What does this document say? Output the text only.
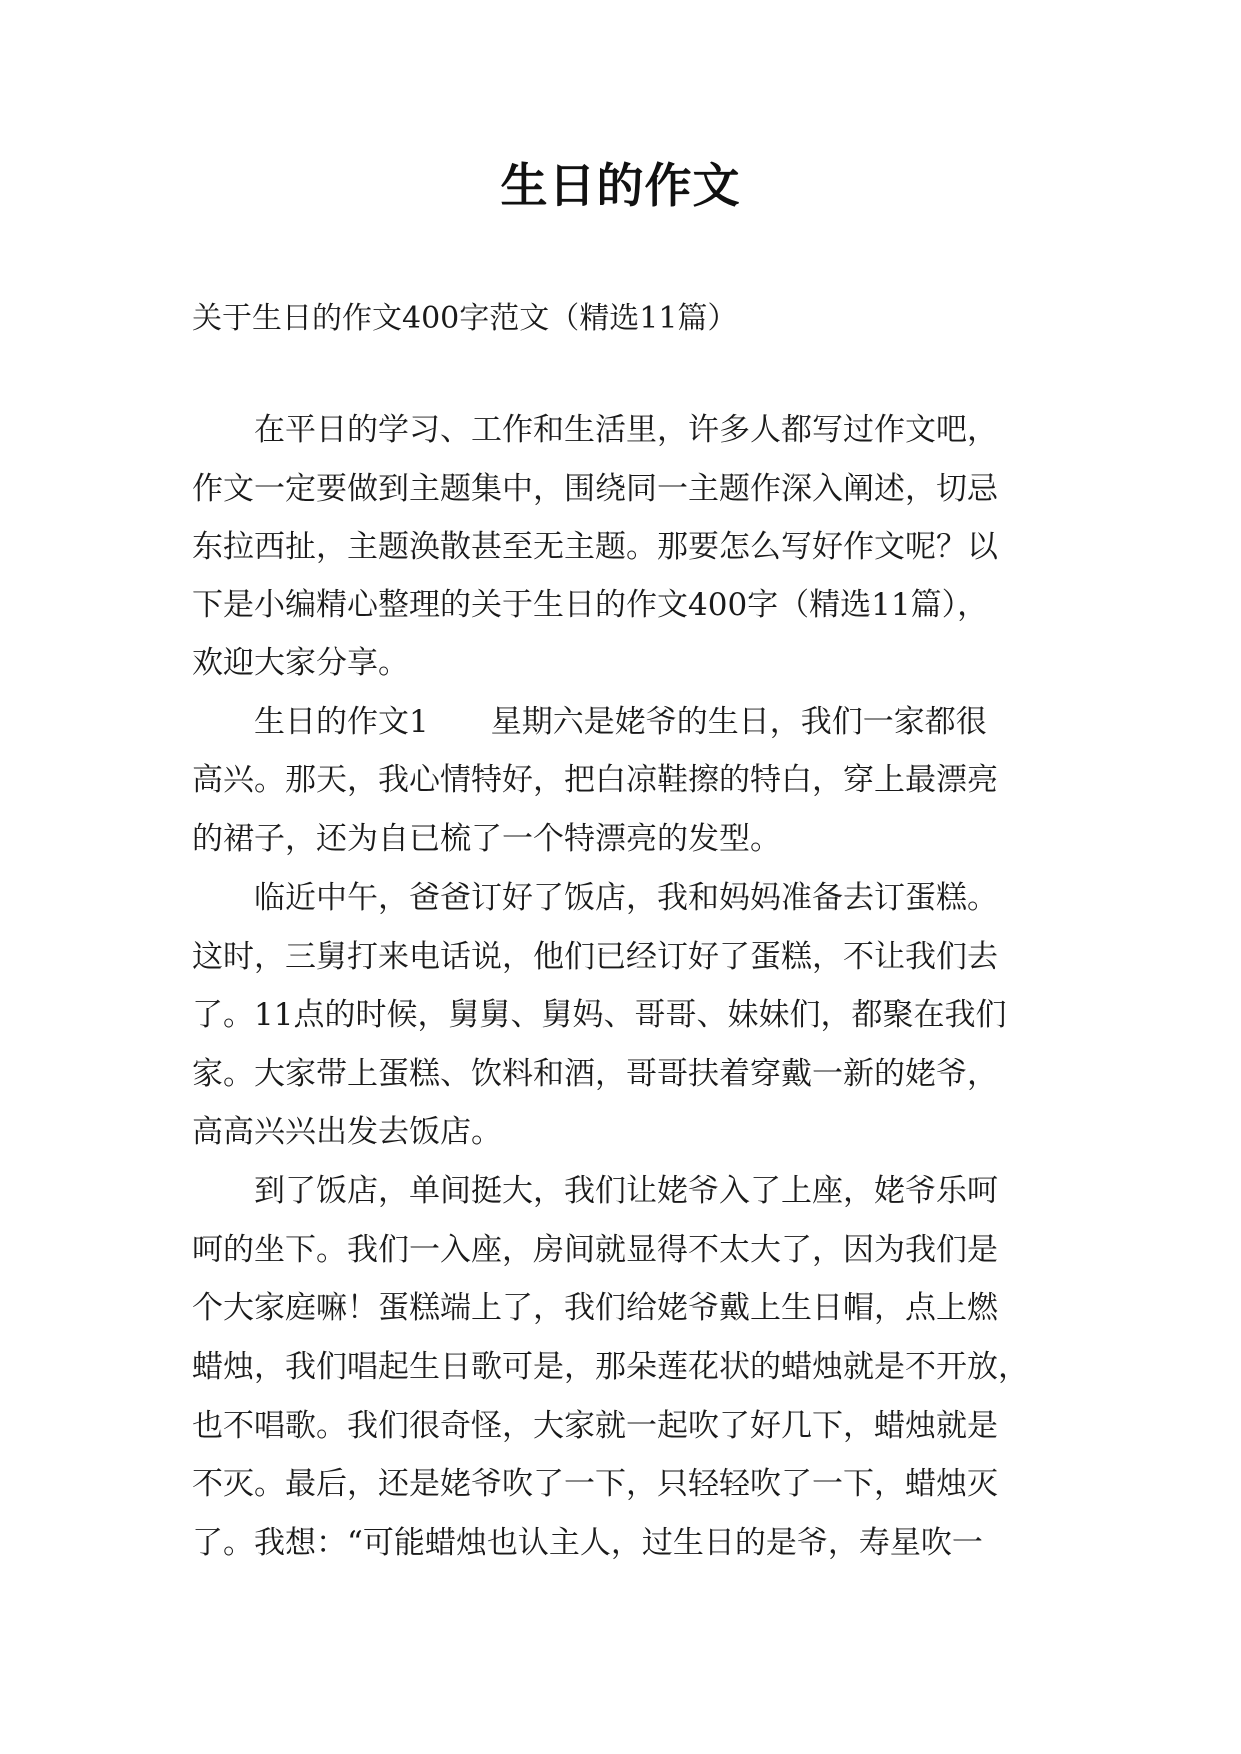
生日的作文
关于生日的作文400字范文（精选11篇）
　　在平日的学习、工作和生活里，许多人都写过作文吧，
作文一定要做到主题集中，围绕同一主题作深入阐述，切忌
东拉西扯，主题涣散甚至无主题。那要怎么写好作文呢？以
下是小编精心整理的关于生日的作文400字（精选11篇），
欢迎大家分享。
　　生日的作文1　　星期六是姥爷的生日，我们一家都很
高兴。那天，我心情特好，把白凉鞋擦的特白，穿上最漂亮
的裙子，还为自已梳了一个特漂亮的发型。
　　临近中午，爸爸订好了饭店，我和妈妈准备去订蛋糕。
这时，三舅打来电话说，他们已经订好了蛋糕，不让我们去
了。11点的时候，舅舅、舅妈、哥哥、妹妹们，都聚在我们
家。大家带上蛋糕、饮料和酒，哥哥扶着穿戴一新的姥爷，
高高兴兴出发去饭店。
　　到了饭店，单间挺大，我们让姥爷入了上座，姥爷乐呵
呵的坐下。我们一入座，房间就显得不太大了，因为我们是
个大家庭嘛！蛋糕端上了，我们给姥爷戴上生日帽，点上燃
蜡烛，我们唱起生日歌可是，那朵莲花状的蜡烛就是不开放，
也不唱歌。我们很奇怪，大家就一起吹了好几下，蜡烛就是
不灭。最后，还是姥爷吹了一下，只轻轻吹了一下，蜡烛灭
了。我想：“可能蜡烛也认主人，过生日的是爷，寿星吹一
